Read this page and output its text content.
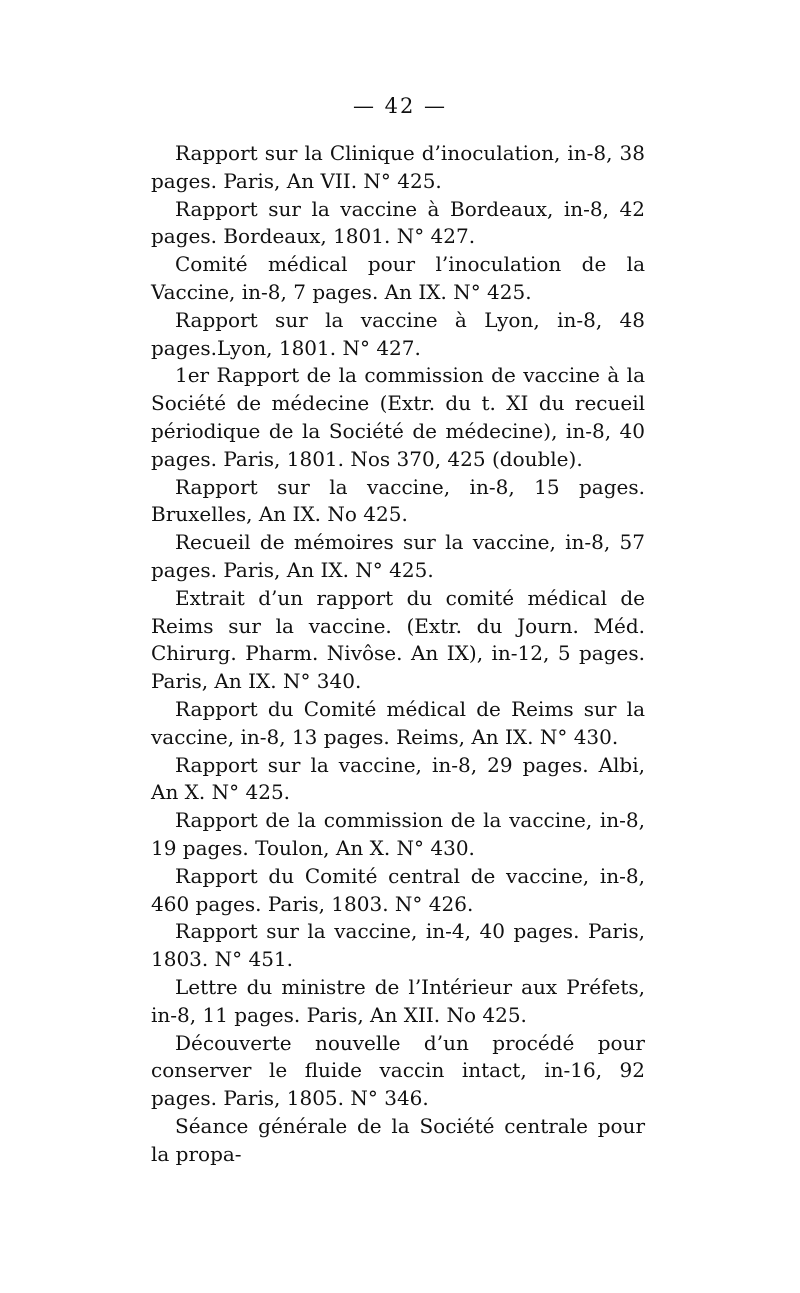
— 42 —

Rapport sur la Clinique d’inoculation, in-8, 38 pages. Paris, An VII. N° 425.

Rapport sur la vaccine à Bordeaux, in-8, 42 pages. Bordeaux, 1801. N° 427.

Comité médical pour l’inoculation de la Vaccine, in-8, 7 pages. An IX. N° 425.

Rapport sur la vaccine à Lyon, in-8, 48 pages.Lyon, 1801. N° 427.

1er Rapport de la commission de vaccine à la Société de médecine (Extr. du t. XI du recueil périodique de la Société de médecine), in-8, 40 pages. Paris, 1801. Nos 370, 425 (double).

Rapport sur la vaccine, in-8, 15 pages. Bruxelles, An IX. No 425.

Recueil de mémoires sur la vaccine, in-8, 57 pages. Paris, An IX. N° 425.

Extrait d’un rapport du comité médical de Reims sur la vaccine. (Extr. du Journ. Méd. Chirurg. Pharm. Nivôse. An IX), in-12, 5 pages. Paris, An IX. N° 340.

Rapport du Comité médical de Reims sur la vaccine, in-8, 13 pages. Reims, An IX. N° 430.

Rapport sur la vaccine, in-8, 29 pages. Albi, An X. N° 425.

Rapport de la commission de la vaccine, in-8, 19 pages. Toulon, An X. N° 430.

Rapport du Comité central de vaccine, in-8, 460 pages. Paris, 1803. N° 426.

Rapport sur la vaccine, in-4, 40 pages. Paris, 1803. N° 451.

Lettre du ministre de l’Intérieur aux Préfets, in-8, 11 pages. Paris, An XII. No 425.

Découverte nouvelle d’un procédé pour conserver le fluide vaccin intact, in-16, 92 pages. Paris, 1805. N° 346.

Séance générale de la Société centrale pour la propa-
